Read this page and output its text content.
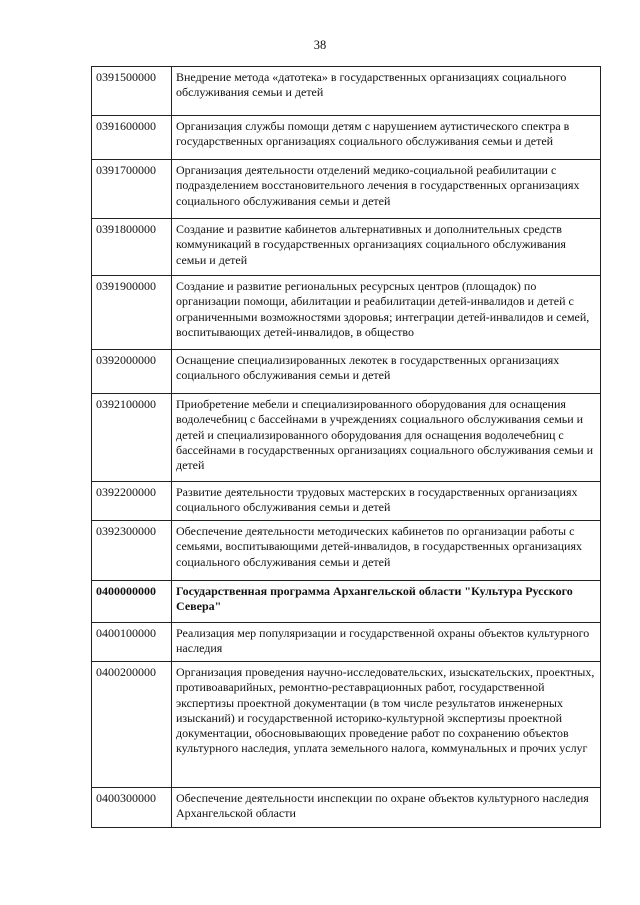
38
0391500000	Внедрение метода «датотека» в государственных организациях социального обслуживания семьи и детей
0391600000	Организация службы помощи детям с нарушением аутистического спектра в государственных организациях социального обслуживания семьи и детей
0391700000	Организация деятельности отделений медико-социальной реабилитации с подразделением восстановительного лечения в государственных организациях социального обслуживания семьи и детей
0391800000	Создание и развитие кабинетов альтернативных и дополнительных средств коммуникаций в государственных организациях социального обслуживания семьи и детей
0391900000	Создание и развитие региональных ресурсных центров (площадок) по организации помощи, абилитации и реабилитации детей-инвалидов и детей с ограниченными возможностями здоровья; интеграции детей-инвалидов и семей, воспитывающих детей-инвалидов, в общество
0392000000	Оснащение специализированных лекотек в государственных организациях социального обслуживания семьи и детей
0392100000	Приобретение мебели и специализированного оборудования для оснащения водолечебниц с бассейнами в учреждениях социального обслуживания семьи и детей и специализированного оборудования для оснащения водолечебниц с бассейнами в государственных организациях социального обслуживания семьи и детей
0392200000	Развитие деятельности трудовых мастерских в государственных организациях социального обслуживания семьи и детей
0392300000	Обеспечение деятельности методических кабинетов по организации работы с семьями, воспитывающими детей-инвалидов, в государственных организациях социального обслуживания семьи и детей
0400000000	Государственная программа Архангельской области "Культура Русского Севера"
0400100000	Реализация мер популяризации и государственной охраны объектов культурного наследия
0400200000	Организация проведения научно-исследовательских, изыскательских, проектных, противоаварийных, ремонтно-реставрационных работ, государственной экспертизы проектной документации (в том числе результатов инженерных изысканий) и государственной историко-культурной экспертизы проектной документации, обосновывающих проведение работ по сохранению объектов культурного наследия, уплата земельного налога, коммунальных и прочих услуг
0400300000	Обеспечение деятельности инспекции по охране объектов культурного наследия Архангельской области
